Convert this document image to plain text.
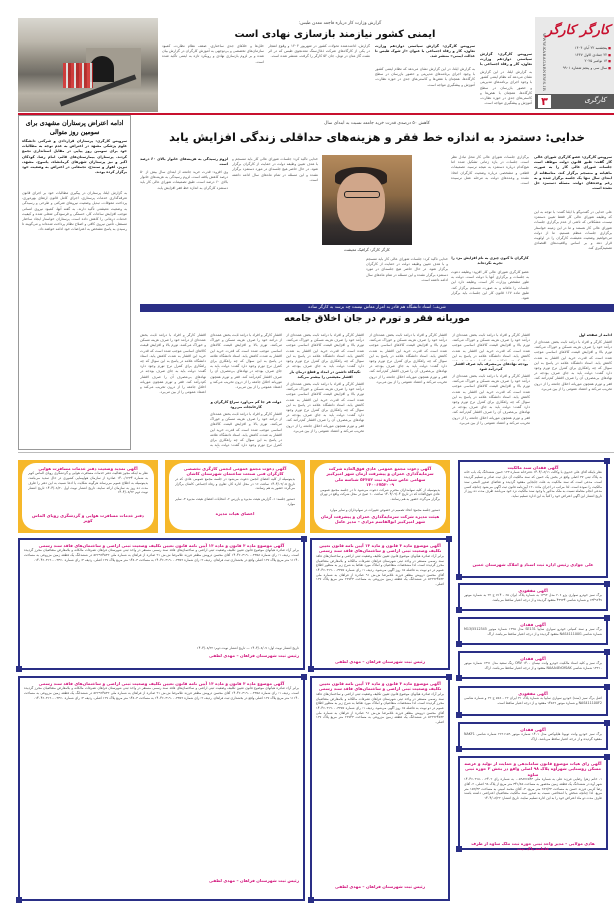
WWW.KARAGARNEWS.IR
کارگر کارگر
■ پنجشنبه ۲۲ آبان ۱۴۰۴
■ ۲۲ جمادی الاول ۱۴۴۷
■ ۱۳ نوامبر ۲۰۲۵
■ سال سی و پنجم شماره ۹۹۰۱
۳	کارگری
سرویس کارگری: گزارش سیاستی دوازدهم وزارت تعاون، کار و رفاه اجتماعی با
به گزارش ایلنا، در این گزارش نشان می‌دهد که نظام ایمنی کشور با وجود اجرای برنامه‌های مدیریتی و حضور بازرسان در سطح کارگاه‌ها، همچنان با نقص‌ها و کاستی‌های جدی در حوزه نظارت، آموزش و پیشگیری مواجه است.
گزارش وزارت کار درباره فاجعه معدن طبس:
ایمنی کشور نیازمند بازسازی نهادی است
سرویس کارگری: گزارش سیاستی دوازدهم وزارت تعاون، کار و رفاه اجتماعی با عنوان «از شوک طبس تا عدالت ایمنی» منتشر شد.
به گزارش ایلنا، در این گزارش نشان می‌دهد که نظام ایمنی کشور با وجود اجرای برنامه‌های مدیریتی و حضور بازرسان در سطح کارگاه‌ها، همچنان با نقص‌ها و کاستی‌های جدی در حوزه نظارت، آموزش و پیشگیری مواجه است.
گزارش، ادامه‌دهنده تحولات کشور در شهریور ۱۴۰۳ و وقوع انفجار در یکی از کارگاه‌های شرکت ذغال‌سنگ معدنجوی طبس که در اثر نشت گاز متان در تونل، جان ۵۲ کارگر را گرفت، منتشر شده است.
خلل‌ها و خلأهای جدی ساختاری، ضعف نظام نظارت، کمبود سازمان‌های تخصصی و بی‌توجهی به آموزش کارگران در گزارش بیان شده و بر لزوم بازسازی نهادی و رویکرد تازه به ایمنی تأکید شده است.
ادامه اعتراض پرستاران مشهدی برای سومین روز متوالی
سرویس کارگری: پرستاران قراردادی و شرکتی دانشگاه علوم پزشکی مشهد در اعتراض به عدم توجه به مطالبات خود برای سومین روز پیاپی در مقابل استانداری تجمع کردند. پرستاران بیمارستان‌های قائم، امام رضا، کودکان اکبر و نیز پرستاران شهرهای کرمانشاه، یاسوج، مشهد، تبریز، اهواز و سنندج، تجمعاتی در اعتراض به وضعیت خود برگزار کرده بودند.
به گزارش ایلنا، پرستاران در پیگیری مطالبات خود بر اجرای قانون تعرفه‌گذاری خدمات پرستاری، اجرای کامل قانون ارتقای بهره‌وری، پرداخت معوقات، تبدیل وضعیت نیروهای شرکتی و طرحی و رسیدگی به وضعیت معیشتی تأکید دارند. به گفته آنها، کمبود نیروی انسانی موجب افزایش ساعات کار، خستگی و فرسودگی شغلی شده و کیفیت خدمات درمانی را کاهش داده است. پرستاران خواستار ایجاد ساختار مستقل، تأمین نیروی کافی و اصلاح نظام پرداخت شده‌اند و می‌گویند تا رسیدن به پاسخ مشخص به اعتراضات خود ادامه خواهند داد.
کاهش ۵۰ درصدی قدرت خرید جامعه نسبت به ابتدای سال
خدایی: دستمزد به اندازه خط فقر و هزینه‌های حداقلی زندگی افزایش یابد
سرویس کارگری: عضو کارگری شورای عالی کار گفت: طبق قانون دولت موظف است جلسات شورای عالی کار را به صورت ماهیانه و منسجم برگزار کند. متاسفانه از ابتدای سال تنها یک جلسه برگزار شده و به رغم وعده‌های دولت، مسئله دستمزد حل نشده است.
علی خدایی در گفت‌وگو با ایلنا گفت: با توجه به این که وظیفه شورای عالی کار فقط تعیین دستمزد نیست، مشکلاتی که ناشی از عدم برگزاری جلسات شورای عالی کار هستند و ما در این زمینه خواستار برگزاری جلسات منظم هستیم. ما از دولت می‌خواهیم وضعیت معیشت کارگران را در اولویت قرار دهد و بر اساس واقعیت‌های اقتصادی تصمیم‌گیری کند.
برگزاری جلسات شورای عالی کار محل تبادل نظر است. جلسات در بازه زمانی تشکیل شده اما هیچ‌کدام درباره دستمزد به نتیجه نرسید. تصمیمات قطعی و مشخصی درباره وضعیت کارگران اتخاذ نشده و وعده‌های دولت به مرحله عمل نرسیده است.
کارگران تا کنون چیزی به نام افزایش مزد را تجربه نکرده‌اند
عضو کارگری شورای عالی کار افزود: وظیفه دعوت به جلسات و برگزاری آنها با دولت است. دولت به طور مشخص وزارت کار است. وظیفه دارد این جلسات را ماهانه و به صورت منسجم برگزار کند. طبق ماده ۱۶۷ قانون کار این جلسات باید برگزار شود.
خدایی تاکید کرد: جلسات شورای عالی کار باید منسجم و با هدف تعیین وظیفه دولت در حمایت از کارگران برگزار شود. در حال حاضر هیچ جلسه‌ای در مورد دستمزد برگزار نشده و این مسئله در تمام ماه‌های سال ادامه داشته است.
کارگر کارگر: گرافیک معیشت
خدایی تاکید کرد: جلسات شورای عالی کار باید منسجم و با هدف تعیین وظیفه دولت در حمایت از کارگران برگزار شود. در حال حاضر هیچ جلسه‌ای در مورد دستمزد برگزار نشده و این مسئله در تمام ماه‌های سال ادامه داشته است.
لزوم رسیدگی به هزینه‌های خانوار بالای ۶۰ درصد است
وی افزود: قدرت خرید جامعه از ابتدای سال بیش از ۵۰ درصد کاهش یافته است. لزوم رسیدگی به هزینه‌های خانوار بالای ۶۰ درصد است. طبق تصمیمات شورای عالی کار باید دستمزد کارگران به اندازه خط فقر افزایش یابد.
شریف: استاد دانشگاه هم قادر به امرار معاش نیست چه برسد به کارگر ساده
موریانه فقر و تورم در جان اخلاق جامعه
ادامه از صفحه اول
اقشار کارگر و افراد با درآمد ثابت بخش عمده‌ای از درآمد خود را صرف هزینه مسکن و خوراک می‌کنند. تورم بالا و افزایش قیمت کالاهای اساسی موجب شده است که قدرت خرید این اقشار به شدت کاهش یابد. استاد دانشگاه علامه در پاسخ به این سوال که چه راهکاری برای کنترل نرخ تورم وجود دارد گفت: دولت باید به جای صرف بودجه در نهادهای بی‌مصرف آن را صرف اقشار کم‌درآمد کند. فقر و تورم همچون موریانه اخلاق جامعه را از درون تخریب می‌کند و اعتماد عمومی را از بین می‌برد.
اقشار کارگر و افراد با درآمد ثابت بخش عمده‌ای از درآمد خود را صرف هزینه مسکن و خوراک می‌کنند. تورم بالا و افزایش قیمت کالاهای اساسی موجب شده است که قدرت خرید این اقشار به شدت کاهش یابد. استاد دانشگاه علامه در پاسخ به این
بودجه نهادهای بی‌مصرف باید صرف اقشار کم‌درآمد شود
اقشار کارگر و افراد با درآمد ثابت بخش عمده‌ای از درآمد خود را صرف هزینه مسکن و خوراک می‌کنند. تورم بالا و افزایش قیمت کالاهای اساسی موجب شده است که قدرت خرید این اقشار به شدت کاهش یابد. استاد دانشگاه علامه در پاسخ به این سوال که چه راهکاری برای کنترل نرخ تورم وجود دارد گفت: دولت باید به جای صرف بودجه در نهادهای بی‌مصرف آن را صرف اقشار کم‌درآمد کند. فقر و تورم همچون موریانه اخلاق جامعه را از درون تخریب می‌کند و اعتماد عمومی را از بین می‌برد.
اقشار کارگر و افراد با درآمد ثابت بخش عمده‌ای از درآمد خود را صرف هزینه مسکن و خوراک می‌کنند. تورم بالا و افزایش قیمت کالاهای اساسی موجب شده است که قدرت خرید این اقشار به شدت کاهش یابد. استاد دانشگاه علامه در پاسخ به این سوال که چه راهکاری برای کنترل نرخ تورم وجود دارد گفت: دولت باید به جای صرف بودجه در نهادهای بی‌مصرف آن را صرف اقشار کم‌درآمد کند. فقر و تورم همچون موریانه اخلاق جامعه را از درون تخریب می‌کند و اعتماد عمومی را از بین می‌برد.
اقشار کارگر و افراد با درآمد ثابت بخش عمده‌ای از درآمد خود را صرف هزینه مسکن و خوراک می‌کنند. تورم بالا و افزایش قیمت کالاهای اساسی موجب شده است که قدرت خرید این اقشار به شدت کاهش یابد. استاد دانشگاه علامه در پاسخ به این سوال که چه راهکاری برای کنترل نرخ تورم وجود دارد گفت: دولت باید به جای صرف بودجه در
تکیه‌گاه داشتن در امداد و قطع درمان بار اقشار معیشتی را بیشتر می‌کند
اقشار کارگر و افراد با درآمد ثابت بخش عمده‌ای از درآمد خود را صرف هزینه مسکن و خوراک می‌کنند. تورم بالا و افزایش قیمت کالاهای اساسی موجب شده است که قدرت خرید این اقشار به شدت کاهش یابد. استاد دانشگاه علامه در پاسخ به این سوال که چه راهکاری برای کنترل نرخ تورم وجود دارد گفت: دولت باید به جای صرف بودجه در نهادهای بی‌مصرف آن را صرف اقشار کم‌درآمد کند. فقر و تورم همچون موریانه اخلاق جامعه را از درون تخریب می‌کند و اعتماد عمومی را از بین می‌برد.
اقشار کارگر و افراد با درآمد ثابت بخش عمده‌ای از درآمد خود را صرف هزینه مسکن و خوراک می‌کنند. تورم بالا و افزایش قیمت کالاهای اساسی موجب شده است که قدرت خرید این اقشار به شدت کاهش یابد. استاد دانشگاه علامه در پاسخ به این سوال که چه راهکاری برای کنترل نرخ تورم وجود دارد گفت: دولت باید به جای صرف بودجه در نهادهای بی‌مصرف آن را صرف اقشار کم‌درآمد کند. فقر و تورم همچون موریانه اخلاق جامعه را از درون تخریب می‌کند و اعتماد عمومی را از بین می‌برد.
دولت هر جا کم می‌آورد سراغ کارگران و کارخانجات می‌رود
اقشار کارگر و افراد با درآمد ثابت بخش عمده‌ای از درآمد خود را صرف هزینه مسکن و خوراک می‌کنند. تورم بالا و افزایش قیمت کالاهای اساسی موجب شده است که قدرت خرید این اقشار به شدت کاهش یابد. استاد دانشگاه علامه در پاسخ به این سوال که چه راهکاری برای کنترل نرخ تورم وجود دارد گفت: دولت باید به
اقشار کارگر و افراد با درآمد ثابت بخش عمده‌ای از درآمد خود را صرف هزینه مسکن و خوراک می‌کنند. تورم بالا و افزایش قیمت کالاهای اساسی موجب شده است که قدرت خرید این اقشار به شدت کاهش یابد. استاد دانشگاه علامه در پاسخ به این سوال که چه راهکاری برای کنترل نرخ تورم وجود دارد گفت: دولت باید به جای صرف بودجه در نهادهای بی‌مصرف آن را صرف اقشار کم‌درآمد کند. فقر و تورم همچون موریانه اخلاق جامعه را از درون تخریب می‌کند و اعتماد عمومی را از بین می‌برد.
آگهی فقدان سند مالکیت
نظر باینکه آقای علی خدیوی با وکالت ۱۴۰۴/۰۸/۱۱ دفترخانه شماره ۱۲۳ خمین ششدانگ یک باب خانه به پلاک ثبتی ۳۷ اصلی واقع در بخش یک خمین که سند مالکیت آن ذیل ثبت صادر و تسلیم گردیده است، مدعی است که سند مالکیت به علت جابجایی مفقود گردیده و تقاضای صدور المثنی سند مالکیت را نموده است. لذا مراتب در اجرای ماده ۱۲۰ آیین‌نامه قانون ثبت آگهی می‌شود چنانچه کسی مدعی انجام معامله نسبت به ملک مذکور یا وجود سند مالکیت نزد خود می‌باشد ظرف مدت ده روز از تاریخ انتشار این آگهی اعتراض خود را کتباً به این اداره تسلیم نماید.
علی جوادی رئیس اداره ثبت اسناد و املاک شهرستان خمین
آگهی دعوت مجمع عمومی عادی فوق‌العاده شرکت سرمایه‌گذاری عمران و پیشرفت آرمان شهر امیرکبیر سهامی خاص شماره ثبت ۵۲۳۸۲ شناسه ملی ۱۴۰۰۶۷۵۳۰۰۹
بدینوسیله از کلیه سهامداران محترم شرکت دعوت می‌شود تا در جلسه مجمع عمومی عادی فوق‌العاده که در تاریخ ۱۴۰۴/۰۹/۰۴ ساعت ۱۰ صبح در محل شرکت واقع در تهران برگزار می‌گردد حضور به هم رسانند.
دستور جلسه مجمع: اتخاذ تصمیم در خصوص تغییرات در سهام‌داران و سایر موارد
هیئت مدیره شرکت سرمایه‌گذاری عمران و پیشرفت آرمان شهر امیرکبیر ابوالقاسم مرادی – مدیر عامل
آگهی دعوت مجمع عمومی انجمن کارگری تخصصی کارگران فنی صنعت ساختمان شهرستان کاشان
بدینوسیله از کلیه اعضای انجمن دعوت می‌شود در جلسه مجمع عمومی عادی که در تاریخ ۱۴۰۴/۰۹/۰۵ ساعت ۱۶ در محل اداره کار، تعاون و رفاه اجتماعی کاشان برگزار می‌گردد حضور به هم رسانند.
دستور جلسه: ۱- گزارش هیئت مدیره و بازرس ۲- انتخابات اعضای هیئت مدیره ۳- سایر موارد
اعضای هیات مدیره
آگهی تمدید وضعیت دفتر خدمات مسافرت هوایی
نظر به اینکه مجوز فعالیت دفتر خدمات مسافرت هوایی و گردشگری رویای الماس کویر به شماره ۱۴۰۰/۱۲۳۴ صادره از سازمان هواپیمایی کشوری در حال تمدید می‌باشد، بدینوسیله به اطلاع عموم می‌رساند هرگونه شکایت یا ادعا نسبت به این دفتر را ظرف مدت ده روز به سازمان ارائه نمایند. تاریخ انتشار نوبت اول ۱۴۰۴/۰۸/۲۰ تاریخ انتشار نوبت دوم ۱۴۰۴/۰۸/۲۲
دفتر خدمات مسافرت هوایی و گردشگری رویای الماس کویر
آگهی موضوع ماده ۳ قانون و ماده ۱۳ آیین نامه قانون تعیین تکلیف وضعیت ثبتی اراضی و ساختمان‌های فاقد سند رسمی
برابر آراء صادره هیأتهای موضوع قانون تعیین تکلیف وضعیت ثبتی اراضی و ساختمان‌های فاقد سند رسمی مستقر در واحد ثبتی شهرستان فراهان تصرفات مالکانه و بلامعارض متقاضیان محرز گردیده است. لذا مشخصات متقاضیان و املاک مورد تقاضا به شرح زیر به منظور اطلاع عموم در دو نوبت به فاصله ۱۵ روز آگهی می‌شود. ردیف ۱: رای شماره ۱۴۰۴۶۰۳۱۹۰۰۰۳۳۵۷ آقای محسن درویش مظفر فرزند غلامرضا ش.ش ۹۱ صادره از فراهان به شماره ملی ۵۲۲۹۲۴۵۳۲ در ششدانگ یک قطعه زمین مزروعی به مساحت ۲۶۷۴۳ متر مربع پلاک ۱۲۷ اصلی.
رئیس ثبت شهرستان فراهان – مهدی لطفی
آگهی موضوع ماده ۳ قانون و ماده ۱۳ آیین نامه قانون تعیین تکلیف وضعیت ثبتی اراضی و ساختمان‌های فاقد سند رسمی
برابر آراء صادره هیأتهای موضوع قانون تعیین تکلیف وضعیت ثبتی اراضی و ساختمان‌های فاقد سند رسمی مستقر در واحد ثبتی شهرستان فراهان تصرفات مالکانه و بلامعارض متقاضیان محرز گردیده است. ردیف ۱: رای شماره ۱۴۰۴۶۰۳۱۹۰۰۰۳۳۵۸ آقای محسن درویش مظفر فرزند غلامرضا ش.ش ۹۱ صادره از فراهان به شماره ملی ۵۲۲۹۲۴۵۳۲ در ششدانگ یک قطعه زمین مزروعی به مساحت ۱۱۱۴۰ متر مربع پلاک ۱۲۷ اصلی واقع در بخشداری ثبت فراهان. ردیف ۲: رای شماره ۱۴۰۴۶۰۳۱۹۰۰۰۳۳۵۹ به مساحت ۱۴۸۰۳ متر مربع پلاک ۱۲۷ اصلی. ردیف ۳: رای شماره ۱۴۰۴۶۰۳۱۹۰۰۰۳۳۶۰.
تاریخ انتشار نوبت اول: ۱۴۰۴/۰۸/۰۷ — تاریخ انتشار نوبت دوم: ۱۴۰۴/۰۸/۲۲
رئیس ثبت شهرستان فراهان – مهدی لطفی
آگهی موضوع ماده ۳ قانون و ماده ۱۳ آیین نامه قانون تعیین تکلیف وضعیت ثبتی اراضی و ساختمان‌های فاقد سند رسمی
برابر آراء صادره هیأتهای موضوع قانون تعیین تکلیف وضعیت ثبتی اراضی و ساختمان‌های فاقد سند رسمی مستقر در واحد ثبتی شهرستان فراهان تصرفات مالکانه و بلامعارض متقاضیان محرز گردیده است. لذا مشخصات متقاضیان و املاک مورد تقاضا به شرح زیر به منظور اطلاع عموم در دو نوبت به فاصله ۱۵ روز آگهی می‌شود. ردیف ۱: رای شماره ۱۴۰۴۶۰۳۱۹۰۰۰۳۳۵۷ آقای محسن درویش مظفر فرزند غلامرضا ش.ش ۹۱ صادره از فراهان به شماره ملی ۵۲۲۹۲۴۵۳۲ در ششدانگ یک قطعه زمین مزروعی به مساحت ۲۶۷۴۳ متر مربع پلاک ۱۲۷ اصلی.
رئیس ثبت شهرستان فراهان – مهدی لطفی
آگهی موضوع ماده ۳ قانون و ماده ۱۳ آیین نامه قانون تعیین تکلیف وضعیت ثبتی اراضی و ساختمان‌های فاقد سند رسمی
برابر آراء صادره هیأتهای موضوع قانون تعیین تکلیف وضعیت ثبتی اراضی و ساختمان‌های فاقد سند رسمی مستقر در واحد ثبتی شهرستان فراهان تصرفات مالکانه و بلامعارض متقاضیان محرز گردیده است. ردیف ۱: رای شماره ۱۴۰۴۶۰۳۱۹۰۰۰۳۳۵۸ آقای محسن درویش مظفر فرزند غلامرضا ش.ش ۹۱ صادره از فراهان به شماره ملی ۵۲۲۹۲۴۵۳۲ در ششدانگ یک قطعه زمین مزروعی به مساحت ۱۱۱۴۰ متر مربع پلاک ۱۲۷ اصلی واقع در بخشداری ثبت فراهان. ردیف ۲: رای شماره ۱۴۰۴۶۰۳۱۹۰۰۰۳۳۵۹ به مساحت ۱۴۸۰۳ متر مربع پلاک ۱۲۷ اصلی. ردیف ۳: رای شماره ۱۴۰۴۶۰۳۱۹۰۰۰۳۳۶۰.
رئیس ثبت شهرستان فراهان – مهدی لطفی
آگهی مفقودی
برگ سبز خودرو سواری پژو ۲۰۶ مدل ۱۳۹۳ به شماره پلاک ایران ۶۵ - ۷۱۴ ج ۲۲ به شماره موتور ۱۳۴۹۶۴۷ و شماره شاسی ۴۳۹۳۴ مفقود گردیده و از درجه اعتبار ساقط می‌باشد.
آگهی فقدان
برگ سبز و سند کمپانی خودرو سواری سایپا SE131 مدل ۱۳۹۵ شماره موتور M13/5512345 شماره شاسی NAS411100G مفقود گردیده و از درجه اعتبار ساقط می‌باشد. اراک
آگهی فقدان
برگ سبز و کلیه اسناد مالکیت خودرو وانت نیسان ۱۴۰۰ ORV رنگ سفید مدل ۱۳۹۱ شماره موتور ۱۳۳۱۰ شماره شاسی NAAA4ErDfSAK مفقود و از درجه اعتبار ساقط می‌باشد. اراک
آگهی مفقودی
اصل برگ سبز (سند) خودرو سواری سایپا به شماره پلاک ۳۱ ایران ۲۲ - ۵۷۸ ج ۲۲ و شماره شاسی NAS411100F2 و شماره موتور ۱۴۵۶۹ مفقود و از درجه اعتبار ساقط است.
آگهی فقدان
برگ سبز خودرو وانت تویوتا هایلوکس مدل ۱۴۰۱ شماره موتور ۲۶۹۱۱۵۹ شماره شاسی NAKF1 مفقود گردیده و از درجه اعتبار ساقط می‌باشد. اراک
آگهی رای هیات موضوع قانون ساماندهی و حمایت از تولید و عرضه مسکن روستایی شهرآوه پلاک ۹۸ اصلی واقع در بخش ۳ حوزه ثبتی ساوه
۱- خانم زهرا رضایی فرزند علی به شماره ملی ۰۰۵۹۸۷۶۵۴۳ به شماره رای ۱۴۰۴۶۰۳۱۸۰۰۰۲۴۰۲ شهر آوه در ششدانگ یک قطعه زمین محصور به مساحت ۳۴۱/۸۵ متر مربع از پلاک ۹۸ اصلی. ۲- آقای رضا کرمی فرزند حسن به مساحت ۲۸۹/۳۳ متر مربع. ۳- آقای محمد امینی به مساحت ۱۵۲/۳۳ متر مربع. لذا چنانچه شخص یا اشخاصی نسبت به صدور سند مالکیت متقاضیان اعتراضی داشته باشند ظرف مدت دو ماه اعتراض خود را به این اداره تسلیم نمایند. تاریخ انتشار: ۱۴۰۴/۰۸/۲۲
هادی مولایی – مدیر واحد ثبتی حوزه ثبت ملک ساوه از طرف فاطمه پاک نیت
